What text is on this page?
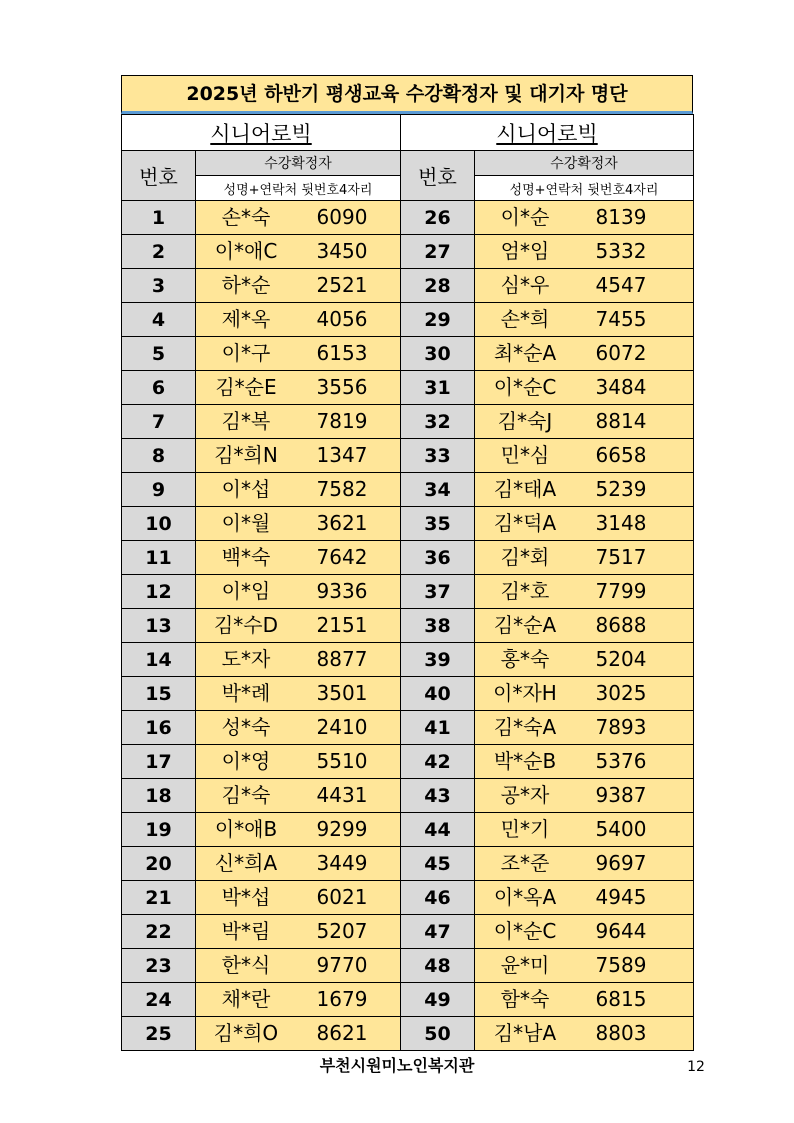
2025년 하반기 평생교육 수강확정자 및 대기자 명단
시니어로빅		시니어로빅	
번호	수강확정자	번호	수강확정자
	성명+연락처 뒷번호4자리		성명+연락처 뒷번호4자리
1	손*숙 6090	26	이*순 8139

2	이*애C 3450	27	엄*임 5332

3	하*순 2521	28	심*우 4547

4	제*옥 4056	29	손*희 7455

5	이*구 6153	30	최*순A 6072

6	김*순E 3556	31	이*순C 3484

7	김*복 7819	32	김*숙J 8814

8	김*희N 1347	33	민*심 6658

9	이*섭 7582	34	김*태A 5239

10	이*월 3621	35	김*덕A 3148

11	백*숙 7642	36	김*회 7517

12	이*임 9336	37	김*호 7799

13	김*수D 2151	38	김*순A 8688

14	도*자 8877	39	홍*숙 5204

15	박*례 3501	40	이*자H 3025

16	성*숙 2410	41	김*숙A 7893

17	이*영 5510	42	박*순B 5376

18	김*숙 4431	43	공*자 9387

19	이*애B 9299	44	민*기 5400

20	신*희A 3449	45	조*준 9697

21	박*섭 6021	46	이*옥A 4945

22	박*림 5207	47	이*순C 9644

23	한*식 9770	48	윤*미 7589

24	채*란 1679	49	함*숙 6815

25	김*희O 8621	50	김*남A 8803
부천시원미노인복지관	12
